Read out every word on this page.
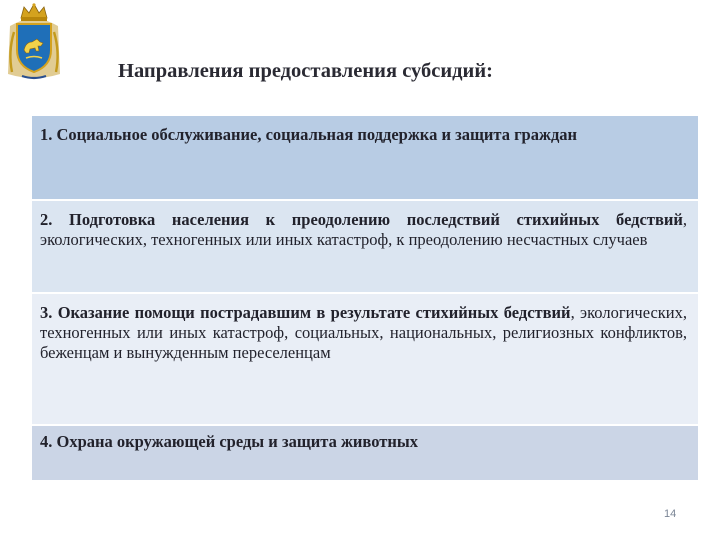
Направления предоставления субсидий:
1. Социальное обслуживание, социальная поддержка и защита граждан
2. Подготовка населения к преодолению последствий стихийных бедствий, экологических, техногенных или иных катастроф, к преодолению несчастных случаев
3. Оказание помощи пострадавшим в результате стихийных бедствий, экологических, техногенных или иных катастроф, социальных, национальных, религиозных конфликтов, беженцам и вынужденным переселенцам
4. Охрана окружающей среды и защита животных
14
